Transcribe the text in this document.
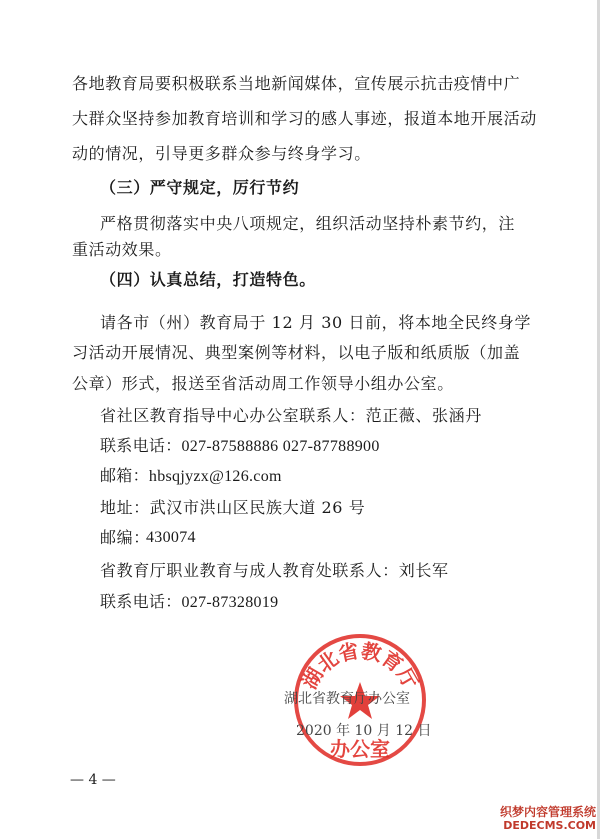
各地教育局要积极联系当地新闻媒体，宣传展示抗击疫情中广
大群众坚持参加教育培训和学习的感人事迹，报道本地开展活动
动的情况，引导更多群众参与终身学习。
（三）严守规定，厉行节约
严格贯彻落实中央八项规定，组织活动坚持朴素节约，注
重活动效果。
（四）认真总结，打造特色。
请各市（州）教育局于 12 月 30 日前，将本地全民终身学
习活动开展情况、典型案例等材料，以电子版和纸质版（加盖
公章）形式，报送至省活动周工作领导小组办公室。
省社区教育指导中心办公室联系人：范正薇、张涵丹
联系电话：027-87588886 027-87788900
邮箱：hbsqjyzx@126.com
地址：武汉市洪山区民族大道 26 号
邮编：
430074
省教育厅职业教育与成人教育处联系人：刘长军
联系电话：027-87328019
湖北省教育厅
办公室
湖北省教育厅办公室
2020 年 10 月 12 日
— 4 —
织梦内容管理系统
DEDECMS.COM
